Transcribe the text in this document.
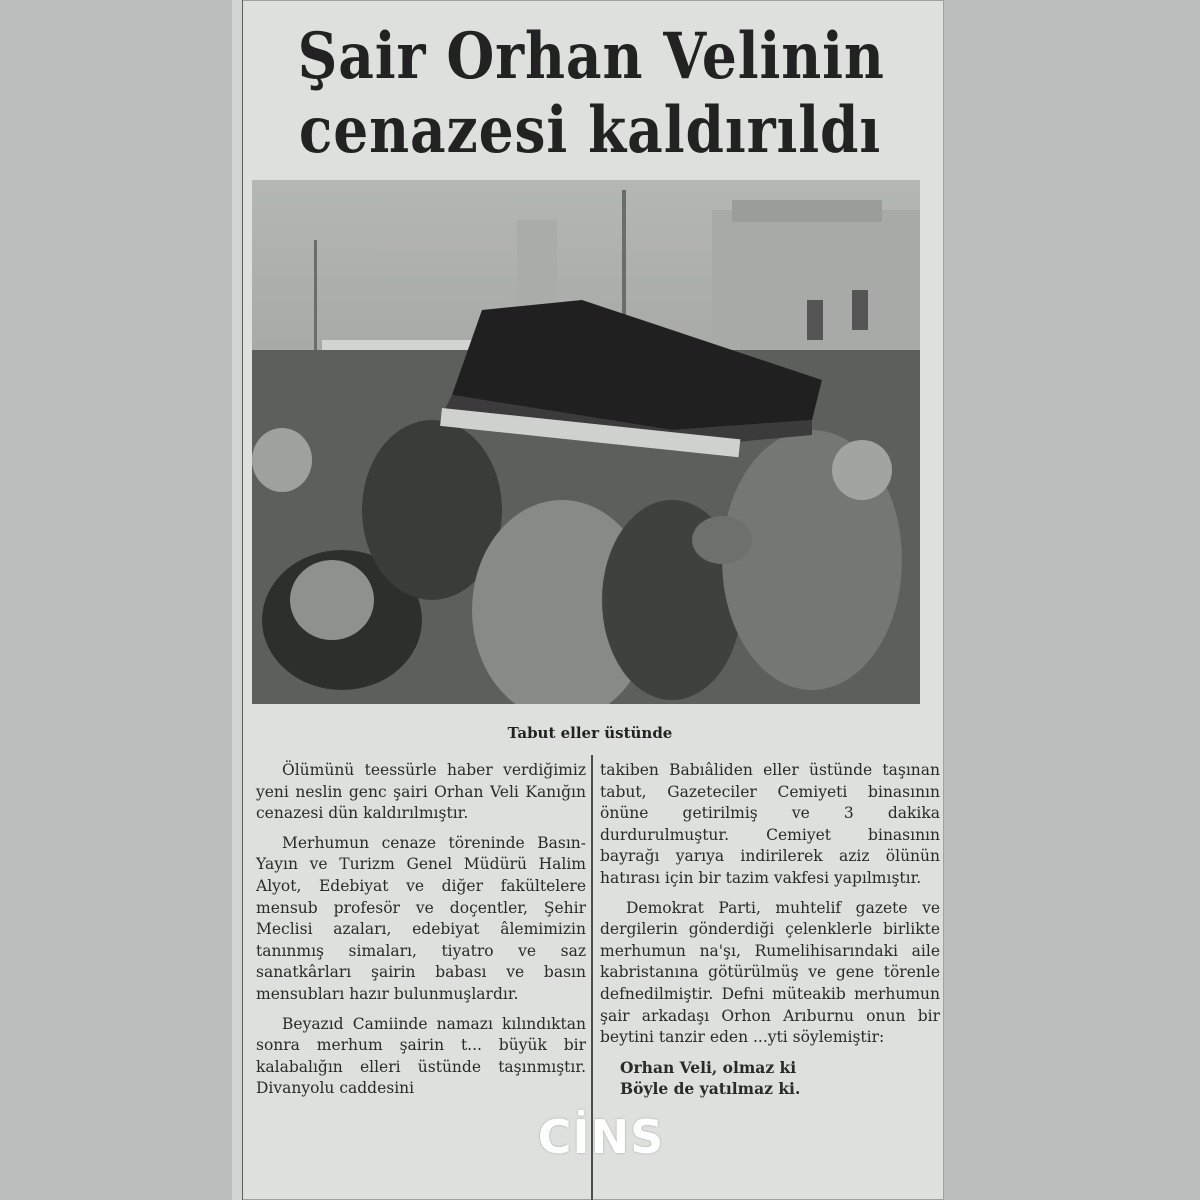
Şair Orhan Velinin
cenazesi kaldırıldı
Tabut eller üstünde

Ölümünü teessürle haber verdiğimiz yeni neslin genc şairi Orhan Veli Kanığın cenazesi dün kaldırılmıştır.

Merhumun cenaze töreninde Basın-Yayın ve Turizm Genel Müdürü Halim Alyot, Edebiyat ve diğer fakültelere mensub profesör ve doçentler, Şehir Meclisi azaları, edebiyat âlemimizin tanınmış simaları, tiyatro ve saz sanatkârları şairin babası ve basın mensubları hazır bulunmuşlardır.

Beyazıd Camiinde namazı kılındıktan sonra merhum şairin t... büyük bir kalabalığın elleri üstünde taşınmıştır. Divanyolu caddesini

takiben Babıâliden eller üstünde taşınan tabut, Gazeteciler Cemiyeti binasının önüne getirilmiş ve 3 dakika durdurulmuştur. Cemiyet binasının bayrağı yarıya indirilerek aziz ölünün hatırası için bir tazim vakfesi yapılmıştır.

Demokrat Parti, muhtelif gazete ve dergilerin gönderdiği çelenklerle birlikte merhumun na'şı, Rumelihisarındaki aile kabristanına götürülmüş ve gene törenle defnedilmiştir. Defni müteakib merhumun şair arkadaşı Orhon Arıburnu onun bir beytini tanzir eden ...yti söylemiştir:

Orhan Veli, olmaz ki

Böyle de yatılmaz ki.

CİNS
